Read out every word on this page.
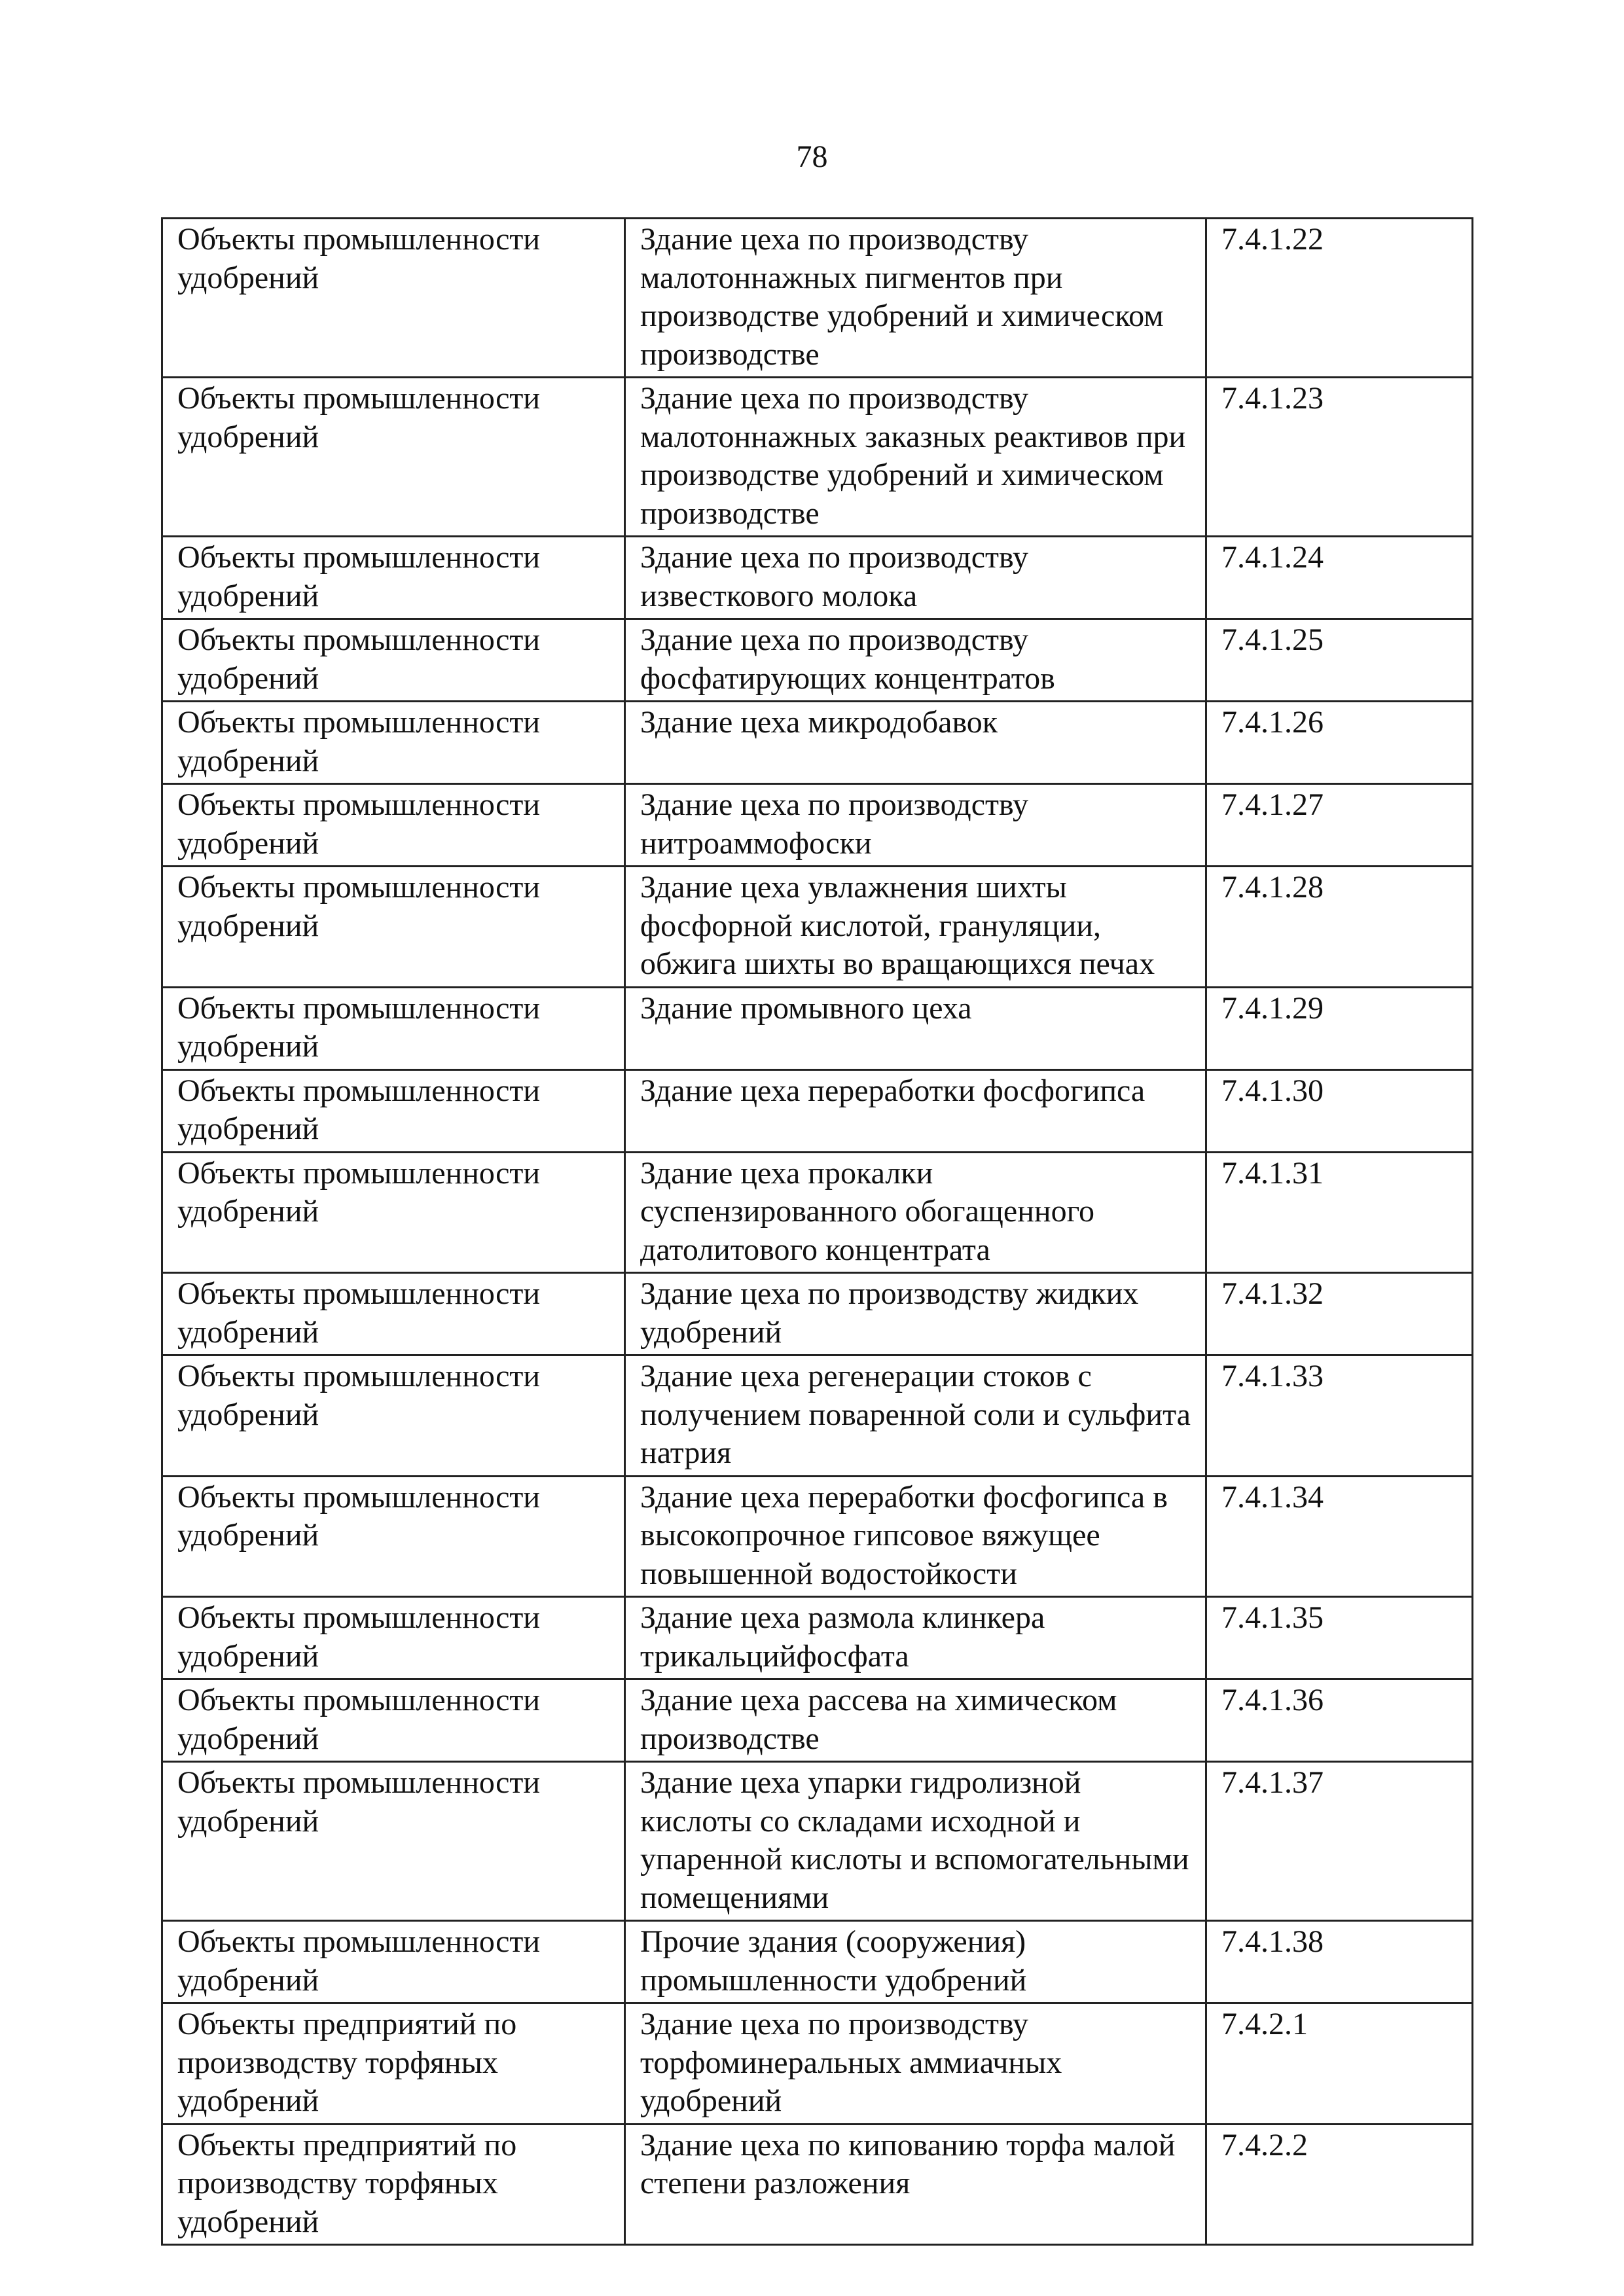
78
Объекты промышленности удобрений	Здание цеха по производству малотоннажных пигментов при производстве удобрений и химическом производстве	7.4.1.22
Объекты промышленности удобрений	Здание цеха по производству малотоннажных заказных реактивов при производстве удобрений и химическом производстве	7.4.1.23
Объекты промышленности удобрений	Здание цеха по производству известкового молока	7.4.1.24
Объекты промышленности удобрений	Здание цеха по производству фосфатирующих концентратов	7.4.1.25
Объекты промышленности удобрений	Здание цеха микродобавок	7.4.1.26
Объекты промышленности удобрений	Здание цеха по производству нитроаммофоски	7.4.1.27
Объекты промышленности удобрений	Здание цеха увлажнения шихты фосфорной кислотой, грануляции, обжига шихты во вращающихся печах	7.4.1.28
Объекты промышленности удобрений	Здание промывного цеха	7.4.1.29
Объекты промышленности удобрений	Здание цеха переработки фосфогипса	7.4.1.30
Объекты промышленности удобрений	Здание цеха прокалки суспензированного обогащенного датолитового концентрата	7.4.1.31
Объекты промышленности удобрений	Здание цеха по производству жидких удобрений	7.4.1.32
Объекты промышленности удобрений	Здание цеха регенерации стоков с получением поваренной соли и сульфита натрия	7.4.1.33
Объекты промышленности удобрений	Здание цеха переработки фосфогипса в высокопрочное гипсовое вяжущее повышенной водостойкости	7.4.1.34
Объекты промышленности удобрений	Здание цеха размола клинкера трикальцийфосфата	7.4.1.35
Объекты промышленности удобрений	Здание цеха рассева на химическом производстве	7.4.1.36
Объекты промышленности удобрений	Здание цеха упарки гидролизной кислоты со складами исходной и упаренной кислоты и вспомогательными помещениями	7.4.1.37
Объекты промышленности удобрений	Прочие здания (сооружения) промышленности удобрений	7.4.1.38
Объекты предприятий по производству торфяных удобрений	Здание цеха по производству торфоминеральных аммиачных удобрений	7.4.2.1
Объекты предприятий по производству торфяных удобрений	Здание цеха по кипованию торфа малой степени разложения	7.4.2.2
